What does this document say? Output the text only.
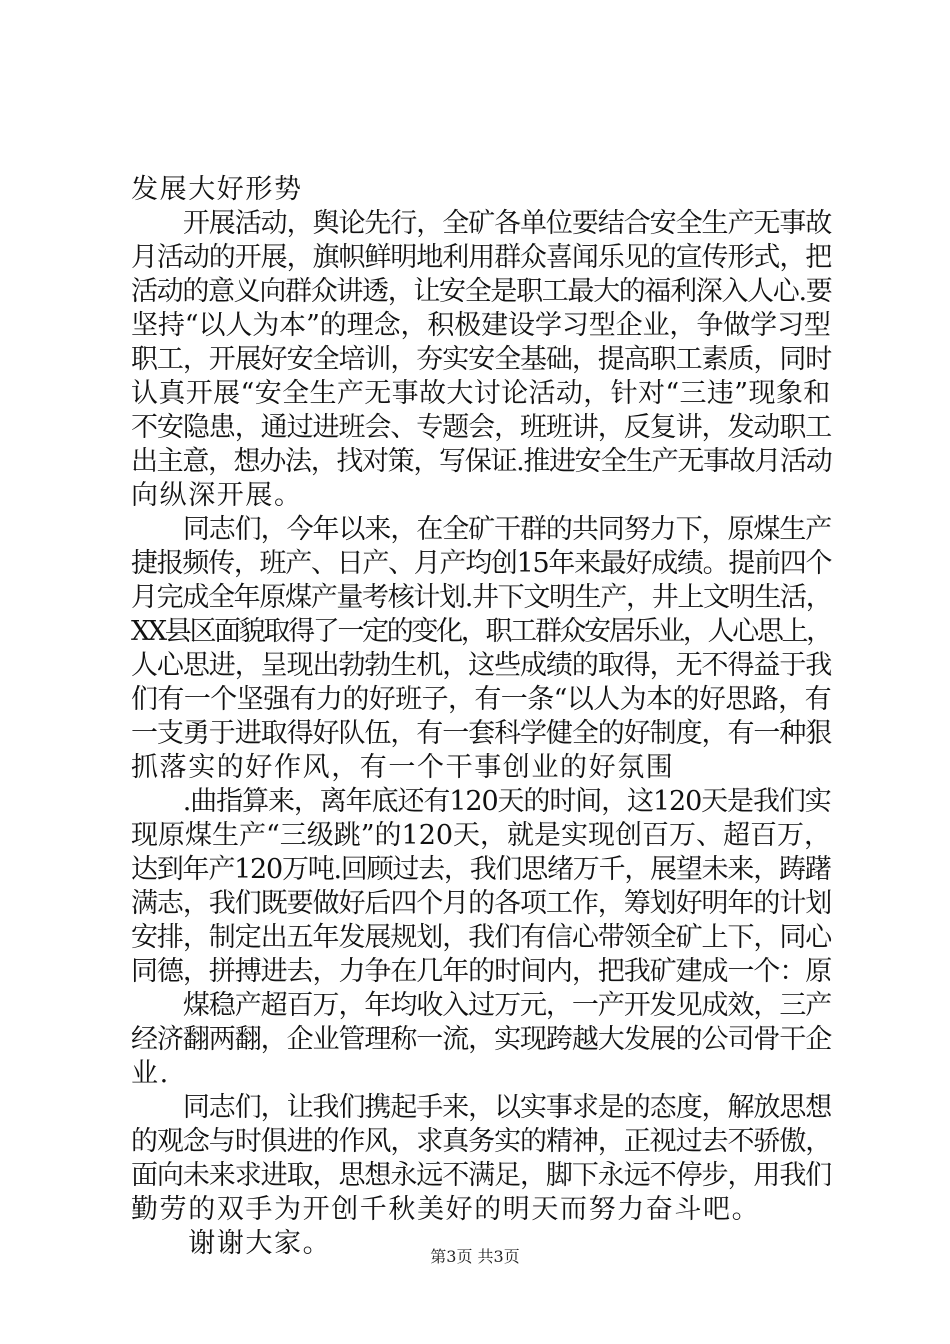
发展大好形势
　　开展活动，舆论先行，全矿各单位要结合安全生产无事故
月活动的开展，旗帜鲜明地利用群众喜闻乐见的宣传形式，把
活动的意义向群众讲透，让安全是职工最大的福利深入人心.要
坚持“以人为本”的理念，积极建设学习型企业，争做学习型
职工，开展好安全培训，夯实安全基础，提高职工素质，同时
认真开展“安全生产无事故大讨论活动，针对“三违”现象和
不安隐患，通过进班会、专题会，班班讲，反复讲，发动职工
出主意，想办法，找对策，写保证.推进安全生产无事故月活动
向纵深开展。
　　同志们，今年以来，在全矿干群的共同努力下，原煤生产
捷报频传，班产、日产、月产均创15年来最好成绩。提前四个
月完成全年原煤产量考核计划.井下文明生产，井上文明生活，
XX县区面貌取得了一定的变化，职工群众安居乐业，人心思上，
人心思进，呈现出勃勃生机，这些成绩的取得，无不得益于我
们有一个坚强有力的好班子，有一条“以人为本的好思路，有
一支勇于进取得好队伍，有一套科学健全的好制度，有一种狠
抓落实的好作风，有一个干事创业的好氛围
　　.曲指算来，离年底还有120天的时间，这120天是我们实
现原煤生产“三级跳”的120天，就是实现创百万、超百万，
达到年产120万吨.回顾过去，我们思绪万千，展望未来，踌躇
满志，我们既要做好后四个月的各项工作，筹划好明年的计划
安排，制定出五年发展规划，我们有信心带领全矿上下，同心
同德，拼搏进去，力争在几年的时间内，把我矿建成一个：原
　　煤稳产超百万，年均收入过万元，一产开发见成效，三产
经济翻两翻，企业管理称一流，实现跨越大发展的公司骨干企
业.
　　同志们，让我们携起手来，以实事求是的态度，解放思想
的观念与时俱进的作风，求真务实的精神，正视过去不骄傲，
面向未来求进取，思想永远不满足，脚下永远不停步，用我们
勤劳的双手为开创千秋美好的明天而努力奋斗吧。
　　谢谢大家。	第3页 共3页
